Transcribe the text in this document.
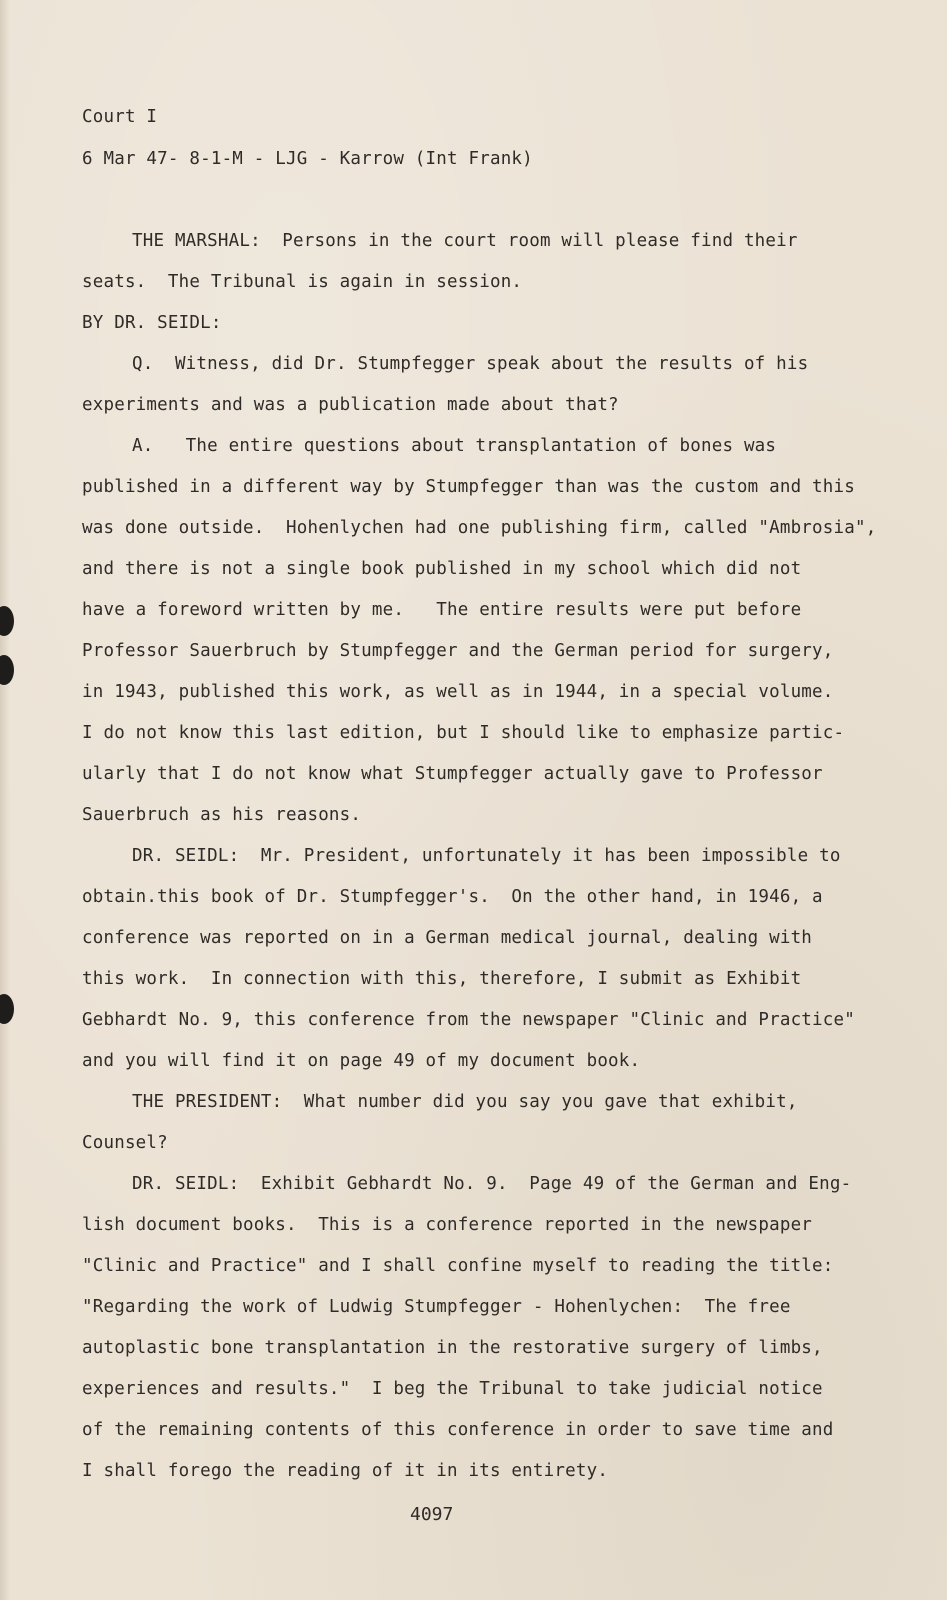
Court I
6 Mar 47- 8-1-M - LJG - Karrow (Int Frank)
THE MARSHAL:  Persons in the court room will please find their
seats.  The Tribunal is again in session.
BY DR. SEIDL:
Q.  Witness, did Dr. Stumpfegger speak about the results of his
experiments and was a publication made about that?
A.   The entire questions about transplantation of bones was
published in a different way by Stumpfegger than was the custom and this
was done outside.  Hohenlychen had one publishing firm, called "Ambrosia",
and there is not a single book published in my school which did not
have a foreword written by me.   The entire results were put before
Professor Sauerbruch by Stumpfegger and the German period for surgery,
in 1943, published this work, as well as in 1944, in a special volume.
I do not know this last edition, but I should like to emphasize partic-
ularly that I do not know what Stumpfegger actually gave to Professor
Sauerbruch as his reasons.
DR. SEIDL:  Mr. President, unfortunately it has been impossible to
obtain.this book of Dr. Stumpfegger's.  On the other hand, in 1946, a
conference was reported on in a German medical journal, dealing with
this work.  In connection with this, therefore, I submit as Exhibit
Gebhardt No. 9, this conference from the newspaper "Clinic and Practice"
and you will find it on page 49 of my document book.
THE PRESIDENT:  What number did you say you gave that exhibit,
Counsel?
DR. SEIDL:  Exhibit Gebhardt No. 9.  Page 49 of the German and Eng-
lish document books.  This is a conference reported in the newspaper
"Clinic and Practice" and I shall confine myself to reading the title:
"Regarding the work of Ludwig Stumpfegger - Hohenlychen:  The free
autoplastic bone transplantation in the restorative surgery of limbs,
experiences and results."  I beg the Tribunal to take judicial notice
of the remaining contents of this conference in order to save time and
I shall forego the reading of it in its entirety.
4097
